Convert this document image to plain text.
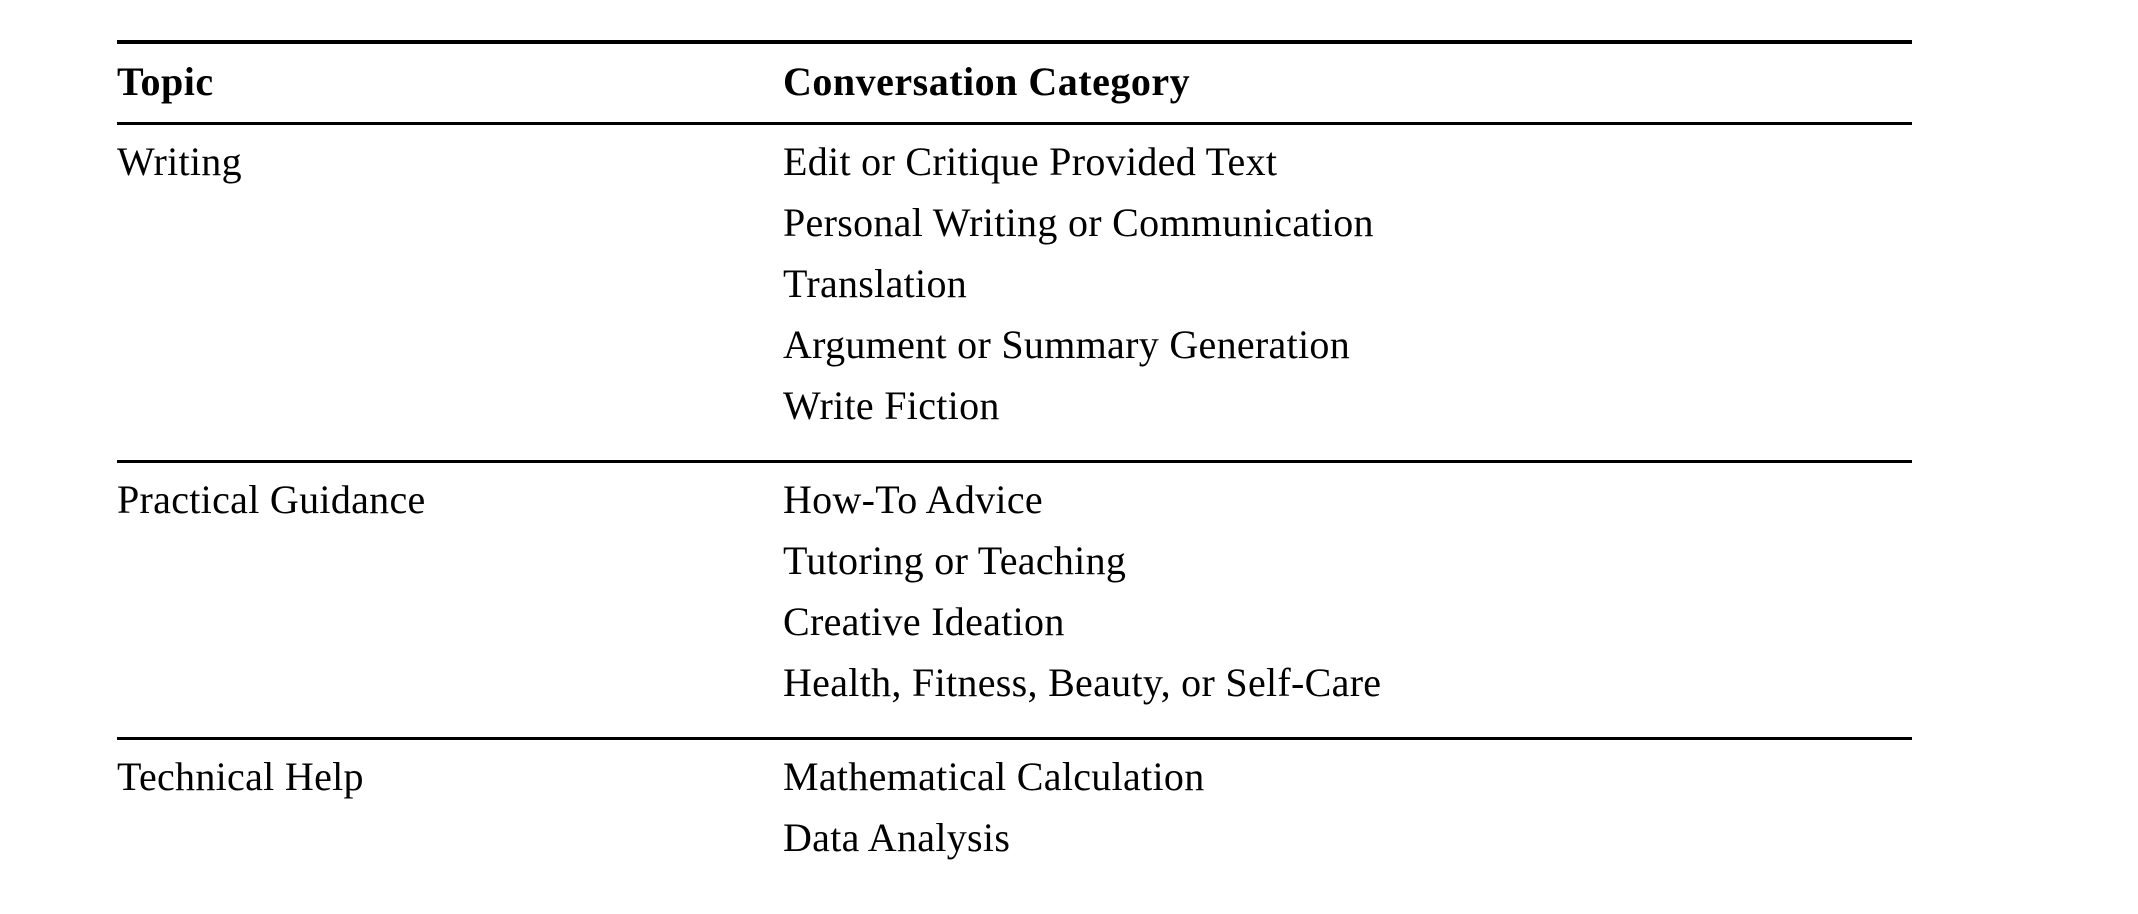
Topic	Conversation Category
Writing	Edit or Critique Provided Text
Personal Writing or Communication
Translation
Argument or Summary Generation
Write Fiction
Practical Guidance	How-To Advice
Tutoring or Teaching
Creative Ideation
Health, Fitness, Beauty, or Self-Care
Technical Help	Mathematical Calculation
Data Analysis
